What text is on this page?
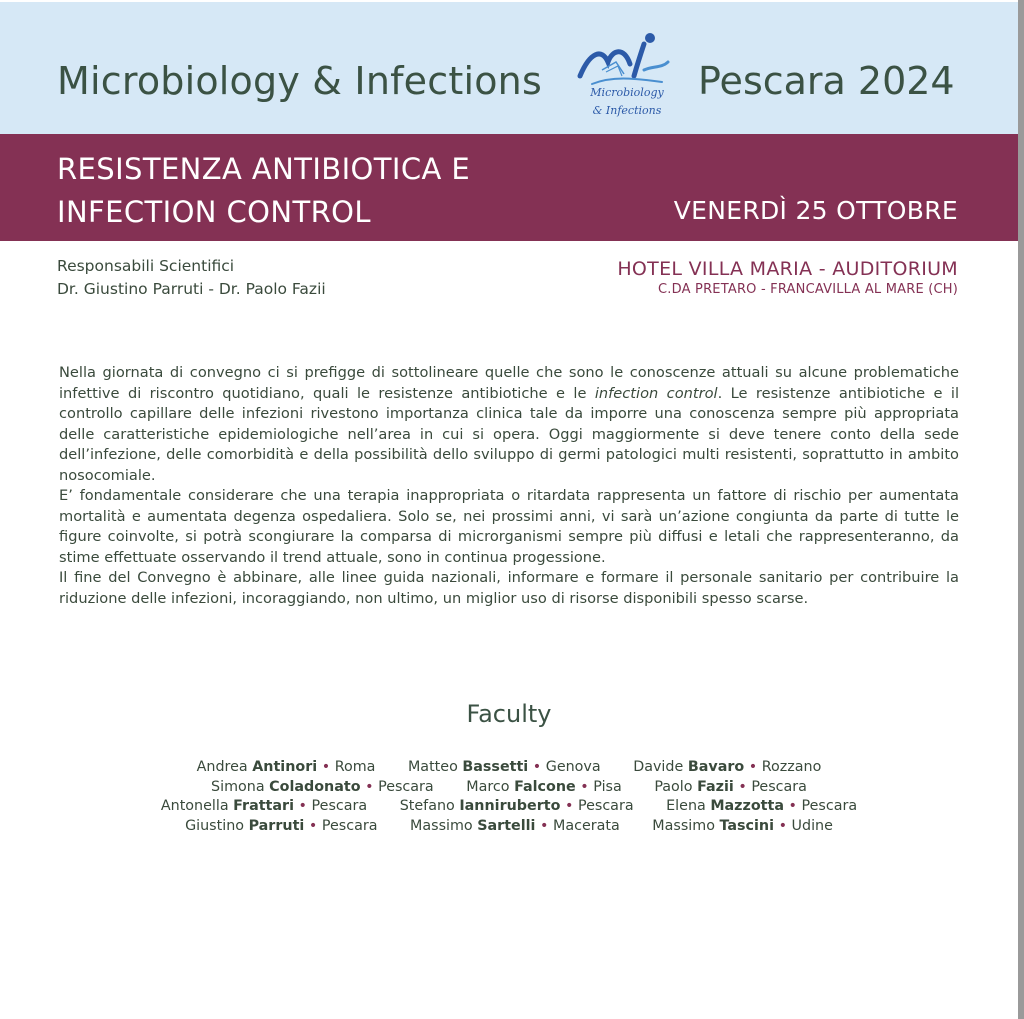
Microbiology & Infections	Microbiology
& Infections
Pescara 2024
RESISTENZA ANTIBIOTICA E
INFECTION CONTROL	VENERDÌ 25 OTTOBRE
Responsabili Scientifici
Dr. Giustino Parruti - Dr. Paolo Fazii
HOTEL VILLA MARIA - AUDITORIUM
C.DA PRETARO - FRANCAVILLA AL MARE (CH)

Nella giornata di convegno ci si prefigge di sottolineare quelle che sono le conoscenze attuali su alcune problematiche infettive di riscontro quotidiano, quali le resistenze antibiotiche e le infection control. Le resistenze antibiotiche e il controllo capillare delle infezioni rivestono importanza clinica tale da imporre una conoscenza sempre più appropriata delle caratteristiche epidemiologiche nell’area in cui si opera. Oggi maggiormente si deve tenere conto della sede dell’infezione, delle comorbidità e della possibilità dello sviluppo di germi patologici multi resistenti, soprattutto in ambito nosocomiale.

E’ fondamentale considerare che una terapia inappropriata o ritardata rappresenta un fattore di rischio per aumentata mortalità e aumentata degenza ospedaliera. Solo se, nei prossimi anni, vi sarà un’azione congiunta da parte di tutte le figure coinvolte, si potrà scongiurare la comparsa di microrganismi sempre più diffusi e letali che rappresenteranno, da stime effettuate osservando il trend attuale, sono in continua progessione.

Il fine del Convegno è abbinare, alle linee guida nazionali, informare e formare il personale sanitario per contribuire la riduzione delle infezioni, incoraggiando, non ultimo, un miglior uso di risorse disponibili spesso scarse.

Faculty
Andrea Antinori • Roma Matteo Bassetti • Genova Davide Bavaro • Rozzano
Simona Coladonato • Pescara Marco Falcone • Pisa Paolo Fazii • Pescara
Antonella Frattari • Pescara Stefano Ianniruberto • Pescara Elena Mazzotta • Pescara
Giustino Parruti • Pescara Massimo Sartelli • Macerata Massimo Tascini • Udine
